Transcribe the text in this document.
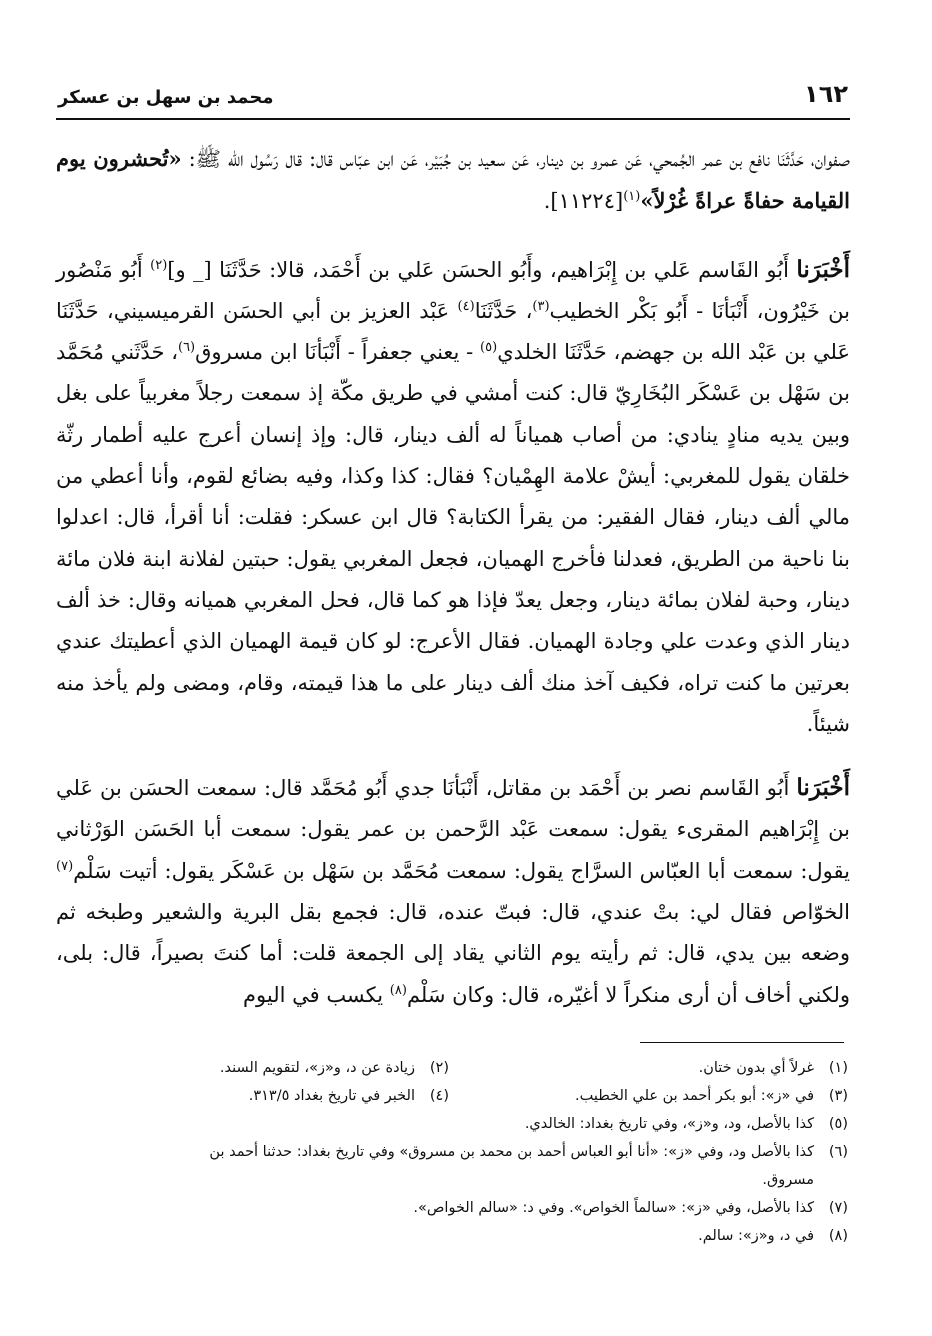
١٦٢
محمد بن سهل بن عسكر

صفوان، حَدَّثَنَا نافع بن عمر الجُمحي، عَن عمرو بن دينار، عَن سعيد بن جُبَيْر، عَن ابن عبّاس قال: قال رَسُول الله ﷺ: «تُحشرون يوم القيامة حفاةً عراةً غُرْلاً»$^{(١)}$[١١٢٢٤].

أَخْبَرَنا أَبُو القَاسم عَلي بن إِبْرَاهيم، وأَبُو الحسَن عَلي بن أَحْمَد، قالا: حَدَّثَنَا [_ و]$^{(٢)}$ أَبُو مَنْصُور بن خَيْرُون، أَنْبَأنَا - أَبُو بَكْر الخطيب$^{(٣)}$، حَدَّثَنَا$^{(٤)}$ عَبْد العزيز بن أبي الحسَن القرميسيني، حَدَّثَنَا عَلي بن عَبْد الله بن جهضم، حَدَّثَنَا الخلدي$^{(٥)}$ - يعني جعفراً - أَنْبَأنَا ابن مسروق$^{(٦)}$، حَدَّثَني مُحَمَّد بن سَهْل بن عَسْكَر البُخَارِيّ قال: كنت أمشي في طريق مكّة إذ سمعت رجلاً مغربياً على بغل وبين يديه منادٍ ينادي: من أصاب همياناً له ألف دينار، قال: وإذ إنسان أعرج عليه أطمار رثّة خلقان يقول للمغربي: أيشْ علامة الهِمْيان؟ فقال: كذا وكذا، وفيه بضائع لقوم، وأنا أعطي من مالي ألف دينار، فقال الفقير: من يقرأ الكتابة؟ قال ابن عسكر: فقلت: أنا أقرأ، قال: اعدلوا بنا ناحية من الطريق، فعدلنا فأخرج الهميان، فجعل المغربي يقول: حبتين لفلانة ابنة فلان مائة دينار، وحبة لفلان بمائة دينار، وجعل يعدّ فإذا هو كما قال، فحل المغربي هميانه وقال: خذ ألف دينار الذي وعدت علي وجادة الهميان. فقال الأعرج: لو كان قيمة الهميان الذي أعطيتك عندي بعرتين ما كنت تراه، فكيف آخذ منك ألف دينار على ما هذا قيمته، وقام، ومضى ولم يأخذ منه شيئاً.

أَخْبَرَنا أَبُو القَاسم نصر بن أَحْمَد بن مقاتل، أَنْبَأنَا جدي أَبُو مُحَمَّد قال: سمعت الحسَن بن عَلي بن إِبْرَاهيم المقرىء يقول: سمعت عَبْد الرَّحمن بن عمر يقول: سمعت أبا الحَسَن الوَرْثاني يقول: سمعت أبا العبّاس السرَّاج يقول: سمعت مُحَمَّد بن سَهْل بن عَسْكَر يقول: أتيت سَلْم$^{(٧)}$ الخوّاص فقال لي: بتْ عندي، قال: فبتّ عنده، قال: فجمع بقل البرية والشعير وطبخه ثم وضعه بين يدي، قال: ثم رأيته يوم الثاني يقاد إلى الجمعة قلت: أما كنتَ بصيراً، قال: بلى، ولكني أخاف أن أرى منكراً لا أغيّره، قال: وكان سَلْم$^{(٨)}$ يكسب في اليوم

(١)غرلاً أي بدون ختان.
(٢)زيادة عن د، و«ز»، لتقويم السند.
(٣)في «ز»: أبو بكر أحمد بن علي الخطيب.
(٤)الخبر في تاريخ بغداد ٣١٣/٥.
(٥)كذا بالأصل، ود، و«ز»، وفي تاريخ بغداد: الخالدي.
(٦)كذا بالأصل ود، وفي «ز»: «أنا أبو العباس أحمد بن محمد بن مسروق» وفي تاريخ بغداد: حدثنا أحمد بن
مسروق.
(٧)كذا بالأصل، وفي «ز»: «سالماً الخواص». وفي د: «سالم الخواص».
(٨)في د، و«ز»: سالم.
